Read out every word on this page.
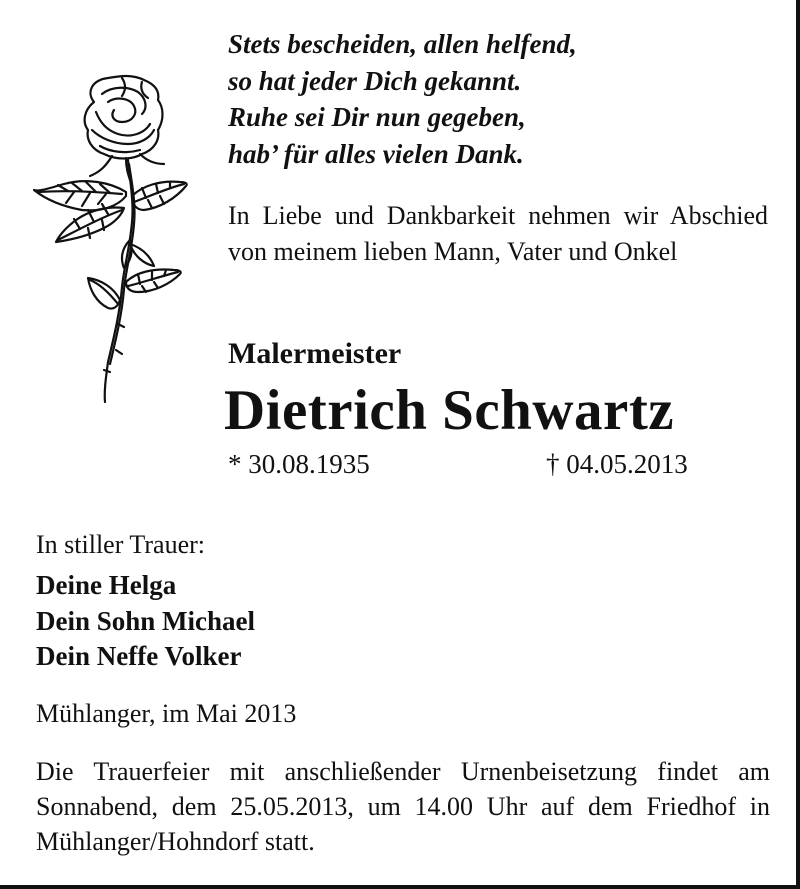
Stets bescheiden, allen helfend,
so hat jeder Dich gekannt.
Ruhe sei Dir nun gegeben,
hab’ für alles vielen Dank.
In Liebe und Dankbarkeit nehmen wir Abschied von meinem lieben Mann, Vater und Onkel
Malermeister
Dietrich Schwartz
* 30.08.1935	† 04.05.2013
In stiller Trauer:
Deine Helga
Dein Sohn Michael
Dein Neffe Volker
Mühlanger, im Mai 2013
Die Trauerfeier mit anschließender Urnenbeisetzung findet am Sonnabend, dem 25.05.2013, um 14.00 Uhr auf dem Friedhof in Mühlanger/Hohndorf statt.
